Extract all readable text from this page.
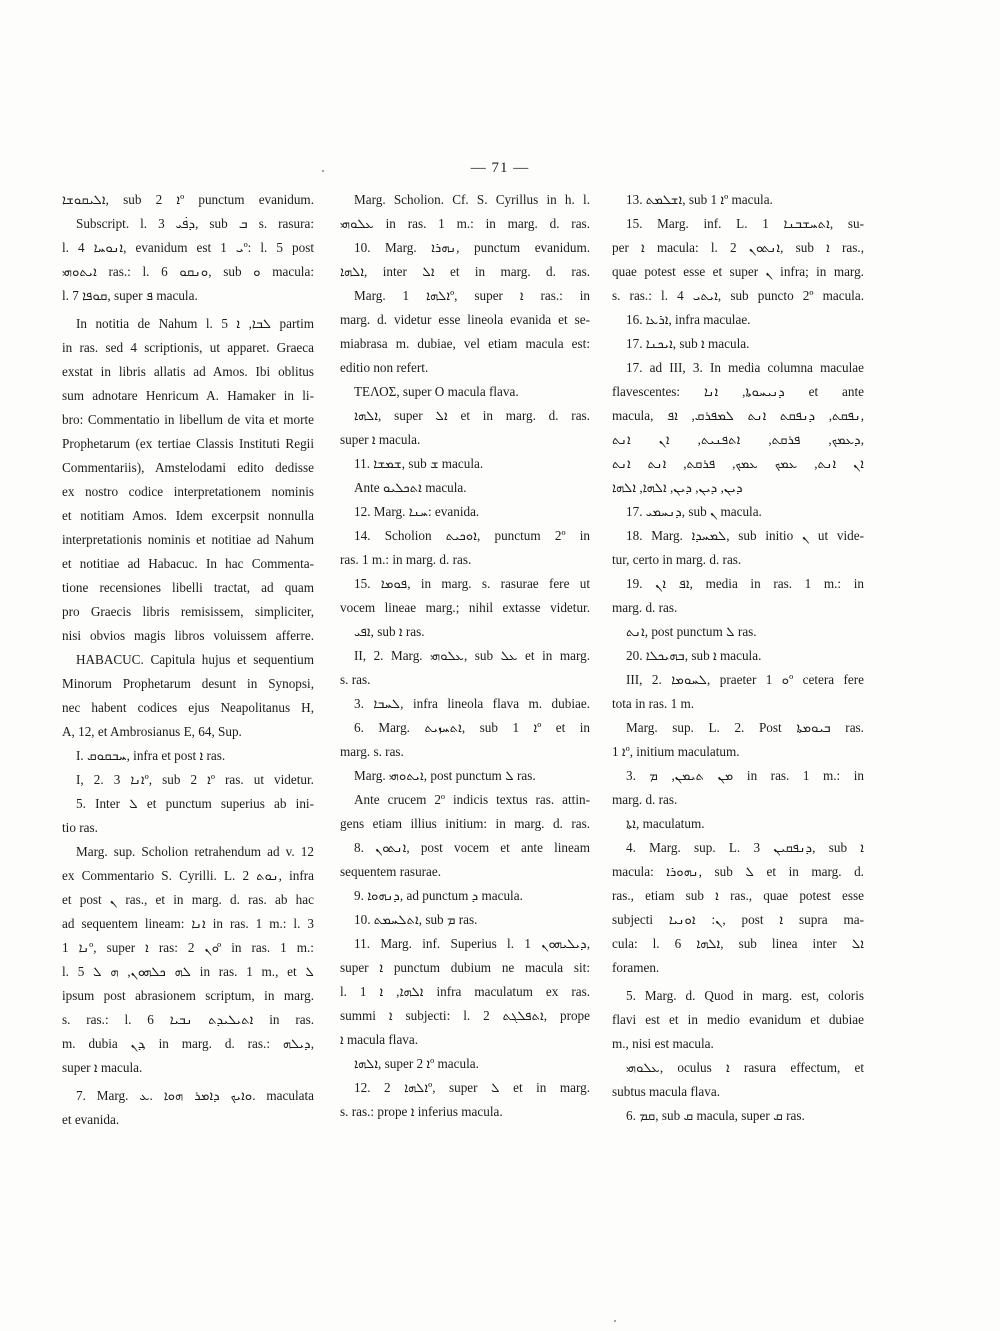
— 71 —
ܐܠܝܩܘܫܐ, sub ܐ 2º punctum evanidum.
Subscript. l. 3 ܕܦ̇ܝ, sub ܒ s. rasura:
l. 4 ܐܢܘܚܐ, evanidum est ܝ 1º: l. 5 post
ܐܝܬܘܗܝ ras.: l. 6 ܘܢܩܘ, sub ܘ macula:
l. 7 ܩܘܦܐ, super ܦ macula.
In notitia de Nahum l. 5 ܠܒܐ, ܐ partim
in ras. sed 4 scriptionis, ut apparet. Graeca
exstat in libris allatis ad Amos. Ibi oblitus
sum adnotare Henricum A. Hamaker in li-
bro: Commentatio in libellum de vita et morte
Prophetarum (ex tertiae Classis Instituti Regii
Commentariis), Amstelodami edito dedisse
ex nostro codice interpretationem nominis
et notitiam Amos. Idem excerpsit nonnulla
interpretationis nominis et notitiae ad Nahum
et notitiae ad Habacuc. In hac Commenta-
tione recensiones libelli tractat, ad quam
pro Graecis libris remisissem, simpliciter,
nisi obvios magis libros voluissem afferre.
HABACUC. Capitula hujus et sequentium
Minorum Prophetarum desunt in Synopsi,
nec habent codices ejus Neapolitanus H,
A, 12, et Ambrosianus E, 64, Sup.
I. ܚܒܩܘܩ, infra et post ܐ ras.
I, 2. ܐܢܐ 3º, sub ܐ 2º ras. ut videtur.
5. Inter ܠ et punctum superius ab ini-
tio ras.
Marg. sup. Scholion retrahendum ad v. 12
ex Commentario S. Cyrilli. L. 2 ܢܘܬ, infra
et post ܢ ras., et in marg. d. ras. ab hac
ad sequentem lineam: ܐܢܐ in ras. 1 m.: l. 3
ܢܐ 1º, super ܐ ras: ܘܢ 2º in ras. 1 m.:
l. 5 ܠܗ ܟܠܗܘܢ, ܗ ܠ in ras. 1 m., et ܠ
ipsum post abrasionem scriptum, in marg.
s. ras.: l. 6 ܐܬܝܠܝܕܬ ܢܒܝܐ in ras.
m. dubia ܕܢ, in marg. d. ras.: ܕܝܠܗ,
super ܐ macula.
7. Marg. ܘܐܝܟ ܕܐܡܪ ܗܘܐ .ܥ. maculata
et evanida.
Marg. Scholion. Cf. S. Cyrillus in h. l.
ܥܠܘܗܝ in ras. 1 m.: in marg. d. ras.
10. Marg. ܢܗܪܐ, punctum evanidum.
ܐܠܗܐ, inter ܐܠ et in marg. d. ras.
Marg. ܐܠܗܐ 1º, super ܐ ras.: in
marg. d. videtur esse lineola evanida et se-
miabrasa m. dubiae, vel etiam macula est:
editio non refert.
ΤΕΛΟΣ, super Ο macula flava.
ܐܠܗܐ, super ܐܠ et in marg. d. ras.
super ܐ macula.
11. ܫܡܫܐ, sub ܫ macula.
Ante ܐܬܟܠܝܘ macula.
12. Marg. ܚܢܐ: evanida.
14. Scholion ܐܘܟܝܬ, punctum 2º in
ras. 1 m.: in marg. d. ras.
15. ܦܘܡܐ, in marg. s. rasurae fere ut
vocem lineae marg.; nihil extasse videtur.
ܐܦܝ, sub ܐ ras.
II, 2. Marg. ܥܠܘܗܝ, sub ܥܠ et in marg.
s. ras.
3. ܠܚܒܐ, infra lineola flava m. dubiae.
6. Marg. ܐܬܚܙܝܬ, sub ܐ 1º et in
marg. s. ras.
Marg. ܐܝܬܘܗܝ, post punctum ܠ ras.
Ante crucem 2º indicis textus ras. attin-
gens etiam illius initium: in marg. d. ras.
8. ܐܢܬܘܢ, post vocem et ante lineam
sequentem rasurae.
9. ܕܢܗܘܐ, ad punctum ܕ macula.
10. ܐܬܠܚܡܬ, sub ܡ ras.
11. Marg. inf. Superius l. 1 ܕܝܠܝܗܘܢ,
super ܐ punctum dubium ne macula sit:
l. 1 ܐܠܗܐ, ܐ infra maculatum ex ras.
summi ܐ subjecti: l. 2 ܐܬܦܠܓܬ, prope
ܐ macula flava.
ܐܠܗܐ, super ܐ 2º macula.
12. ܐܠܗܐ 2º, super ܠ et in marg.
s. ras.: prope ܐ inferius macula.
13. ܐܫܠܡܬ, sub ܐ 1º macula.
15. Marg. inf. L. 1 ܐܬܚܫܒܢܐ, su-
per ܐ macula: l. 2 ܐܢܬܘܢ, sub ܐ ras.,
quae potest esse et super ܢ infra; in marg.
s. ras.: l. 4 ܐܝܬܝ, sub puncto 2º macula.
16. ܐܪܥܐ, infra maculae.
17. ܐܝܟܢܐ, sub ܐ macula.
17. ad III, 3. In media columna maculae
flavescentes: ܕܢܝܚܘܬܐ, ܐܢܐ et ante
macula, ܢܦܩܬ, ܕܢܦܩܬ ܐܢܬ ܠܡܦܪܩ, ܐܦ,
ܕܥܡܟ, ܦܪܩܬ, ܐܬܦܢܝܬ, ܐܢ ܐܢܬ,
ܐܢ ܐܢܬ, ܥܡܟ ܥܡܟ, ܦܪܩܬ, ܐܢܬ ܐܢܬ
ܕܝܢ, ܕܝܢ, ܕܝܢ, ܐܠܗܐ, ܐܠܗܐ
17. ܕܢܚܡܝ, sub ܢ macula.
18. Marg. ܠܡܚܕܐ, sub initio ܢ ut vide-
tur, certo in marg. d. ras.
19. ܐܦ ܐܢ, media in ras. 1 m.: in
marg. d. ras.
ܐܢܬ, post punctum ܠ ras.
20. ܒܗܝܟܠܐ, sub ܐ macula.
III, 2. ܠܚܘܡܐ, praeter ܘ 1º cetera fere
tota in ras. 1 m.
Marg. sup. L. 2. Post ܒܝܘܡܬܐ ras.
ܐ 1º, initium maculatum.
3. ܡܢ ܬܝܡܢ, ܡ in ras. 1 m.: in
marg. d. ras.
ܐܬܐ, maculatum.
4. Marg. sup. L. 3 ܕܢܦܩܝܢ, sub ܐ
macula: ܢܗܘܪܐ, sub ܠ et in marg. d.
ras., etiam sub ܐ ras., quae potest esse
subjecti ܢ: ܐܘܢܝܐ, post ܐ supra ma-
cula: l. 6 ܐܠܗܐ, sub linea inter ܐܠ
foramen.
5. Marg. d. Quod in marg. est, coloris
flavi est et in medio evanidum et dubiae
m., nisi est macula.
ܥܠܘܗܝ, oculus ܐ rasura effectum, et
subtus macula flava.
6. ܩܡ, sub ܩ macula, super ܩ ras.
